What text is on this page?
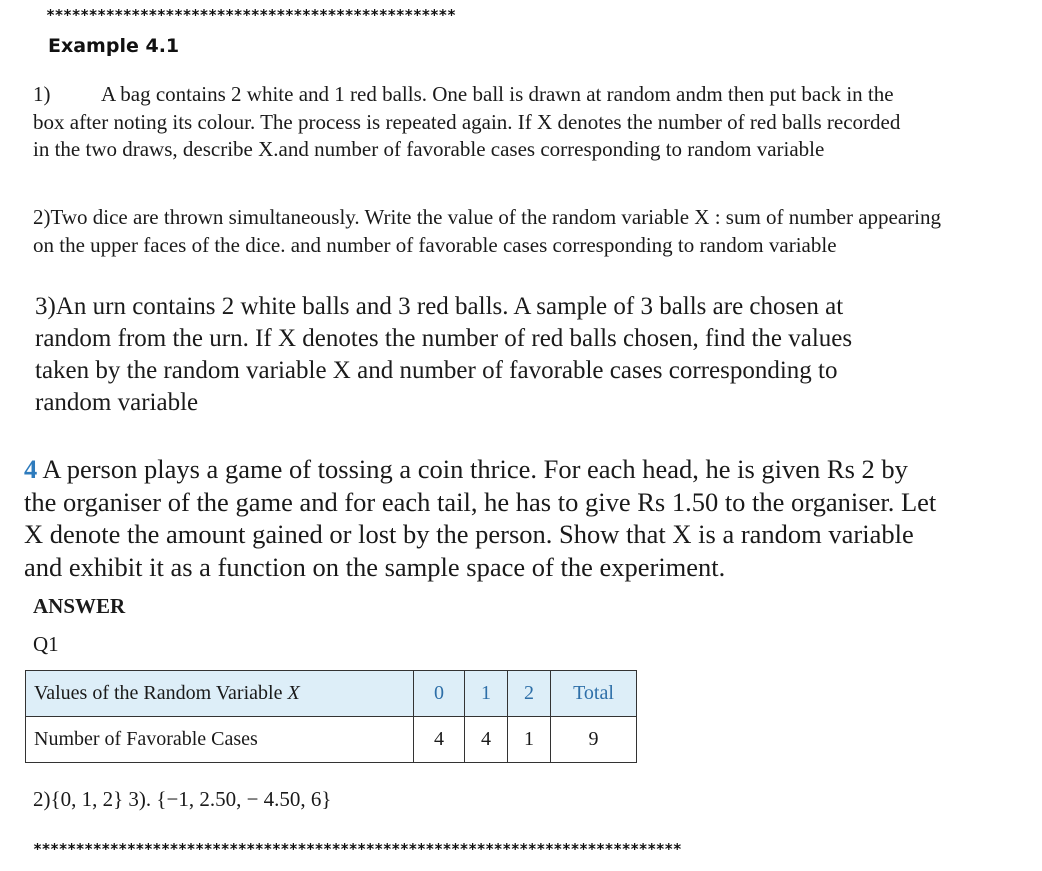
************************************************
Example 4.1
1) A bag contains 2 white and 1 red balls. One ball is drawn at random andm then put back in the
box after noting its colour. The process is repeated again. If X denotes the number of red balls recorded
in the two draws, describe X.and number of favorable cases corresponding to random variable
2)Two dice are thrown simultaneously. Write the value of the random variable X : sum of number appearing
on the upper faces of the dice. and number of favorable cases corresponding to random variable
3)An urn contains 2 white balls and 3 red balls. A sample of 3 balls are chosen at
random from the urn. If X denotes the number of red balls chosen, find the values
taken by the random variable X and number of favorable cases corresponding to
random variable
4 A person plays a game of tossing a coin thrice. For each head, he is given Rs 2 by
the organiser of the game and for each tail, he has to give Rs 1.50 to the organiser. Let
X denote the amount gained or lost by the person. Show that X is a random variable
and exhibit it as a function on the sample space of the experiment.
ANSWER
Q1
Values of the Random Variable X	0	1	2	Total
Number of Favorable Cases	4	4	1	9
2){0, 1, 2} 3). {−1, 2.50, − 4.50, 6}
****************************************************************************
